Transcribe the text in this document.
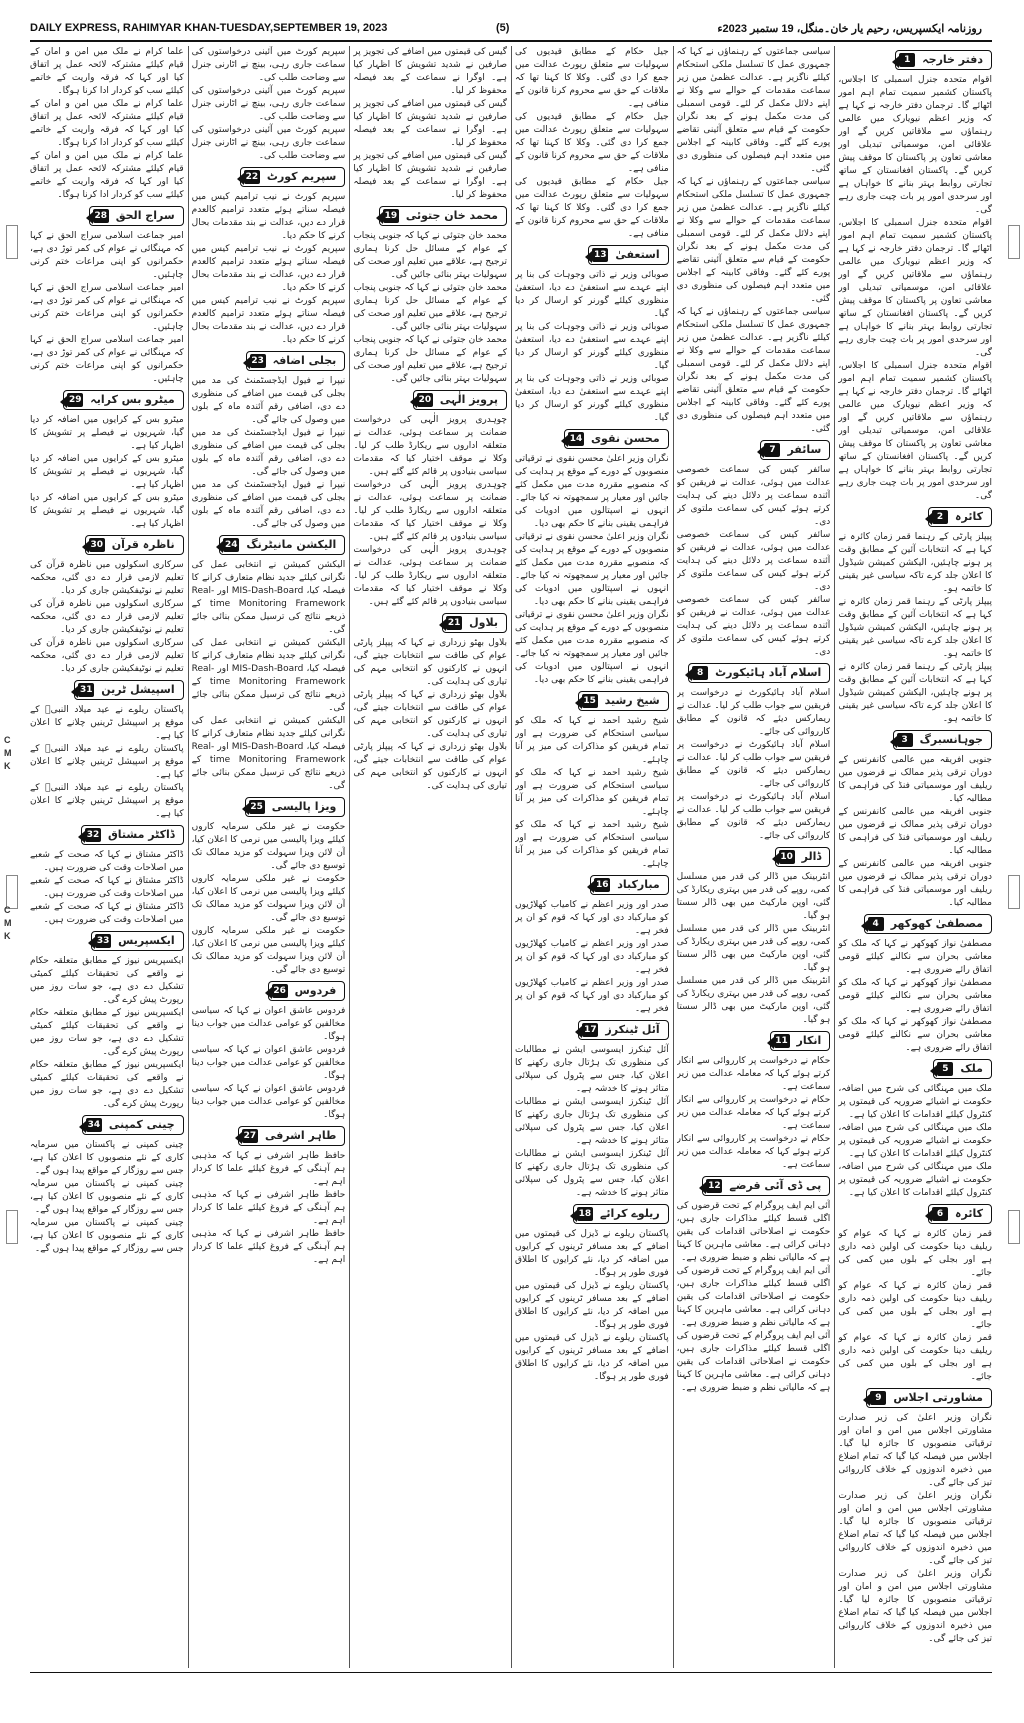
DAILY EXPRESS, RAHIMYAR KHAN-TUESDAY,SEPTEMBER 19, 2023	(5)	روزنامہ ایکسپریس، رحیم یار خان۔منگل، 19 ستمبر 2023ء
دفتر خارجہ
1

اقوام متحدہ جنرل اسمبلی کا اجلاس، پاکستان کشمیر سمیت تمام اہم امور اٹھائے گا۔ ترجمان دفتر خارجہ نے کہا ہے کہ وزیر اعظم نیویارک میں عالمی رہنماؤں سے ملاقاتیں کریں گے اور علاقائی امن، موسمیاتی تبدیلی اور معاشی تعاون پر پاکستان کا موقف پیش کریں گے۔ پاکستان افغانستان کے ساتھ تجارتی روابط بہتر بنانے کا خواہاں ہے اور سرحدی امور پر بات چیت جاری رہے گی۔

اقوام متحدہ جنرل اسمبلی کا اجلاس، پاکستان کشمیر سمیت تمام اہم امور اٹھائے گا۔ ترجمان دفتر خارجہ نے کہا ہے کہ وزیر اعظم نیویارک میں عالمی رہنماؤں سے ملاقاتیں کریں گے اور علاقائی امن، موسمیاتی تبدیلی اور معاشی تعاون پر پاکستان کا موقف پیش کریں گے۔ پاکستان افغانستان کے ساتھ تجارتی روابط بہتر بنانے کا خواہاں ہے اور سرحدی امور پر بات چیت جاری رہے گی۔

اقوام متحدہ جنرل اسمبلی کا اجلاس، پاکستان کشمیر سمیت تمام اہم امور اٹھائے گا۔ ترجمان دفتر خارجہ نے کہا ہے کہ وزیر اعظم نیویارک میں عالمی رہنماؤں سے ملاقاتیں کریں گے اور علاقائی امن، موسمیاتی تبدیلی اور معاشی تعاون پر پاکستان کا موقف پیش کریں گے۔ پاکستان افغانستان کے ساتھ تجارتی روابط بہتر بنانے کا خواہاں ہے اور سرحدی امور پر بات چیت جاری رہے گی۔

کائرہ
2

پیپلز پارٹی کے رہنما قمر زمان کائرہ نے کہا ہے کہ انتخابات آئین کے مطابق وقت پر ہونے چاہئیں، الیکشن کمیشن شیڈول کا اعلان جلد کرے تاکہ سیاسی غیر یقینی کا خاتمہ ہو۔

پیپلز پارٹی کے رہنما قمر زمان کائرہ نے کہا ہے کہ انتخابات آئین کے مطابق وقت پر ہونے چاہئیں، الیکشن کمیشن شیڈول کا اعلان جلد کرے تاکہ سیاسی غیر یقینی کا خاتمہ ہو۔

پیپلز پارٹی کے رہنما قمر زمان کائرہ نے کہا ہے کہ انتخابات آئین کے مطابق وقت پر ہونے چاہئیں، الیکشن کمیشن شیڈول کا اعلان جلد کرے تاکہ سیاسی غیر یقینی کا خاتمہ ہو۔

جوہانسبرگ
3

جنوبی افریقہ میں عالمی کانفرنس کے دوران ترقی پذیر ممالک نے قرضوں میں ریلیف اور موسمیاتی فنڈ کی فراہمی کا مطالبہ کیا۔

جنوبی افریقہ میں عالمی کانفرنس کے دوران ترقی پذیر ممالک نے قرضوں میں ریلیف اور موسمیاتی فنڈ کی فراہمی کا مطالبہ کیا۔

جنوبی افریقہ میں عالمی کانفرنس کے دوران ترقی پذیر ممالک نے قرضوں میں ریلیف اور موسمیاتی فنڈ کی فراہمی کا مطالبہ کیا۔

مصطفیٰ کھوکھر
4

مصطفیٰ نواز کھوکھر نے کہا کہ ملک کو معاشی بحران سے نکالنے کیلئے قومی اتفاق رائے ضروری ہے۔

مصطفیٰ نواز کھوکھر نے کہا کہ ملک کو معاشی بحران سے نکالنے کیلئے قومی اتفاق رائے ضروری ہے۔

مصطفیٰ نواز کھوکھر نے کہا کہ ملک کو معاشی بحران سے نکالنے کیلئے قومی اتفاق رائے ضروری ہے۔

ملک
5

ملک میں مہنگائی کی شرح میں اضافہ، حکومت نے اشیائے ضروریہ کی قیمتوں پر کنٹرول کیلئے اقدامات کا اعلان کیا ہے۔

ملک میں مہنگائی کی شرح میں اضافہ، حکومت نے اشیائے ضروریہ کی قیمتوں پر کنٹرول کیلئے اقدامات کا اعلان کیا ہے۔

ملک میں مہنگائی کی شرح میں اضافہ، حکومت نے اشیائے ضروریہ کی قیمتوں پر کنٹرول کیلئے اقدامات کا اعلان کیا ہے۔

کائرہ
6

قمر زمان کائرہ نے کہا کہ عوام کو ریلیف دینا حکومت کی اولین ذمہ داری ہے اور بجلی کے بلوں میں کمی کی جائے۔

قمر زمان کائرہ نے کہا کہ عوام کو ریلیف دینا حکومت کی اولین ذمہ داری ہے اور بجلی کے بلوں میں کمی کی جائے۔

قمر زمان کائرہ نے کہا کہ عوام کو ریلیف دینا حکومت کی اولین ذمہ داری ہے اور بجلی کے بلوں میں کمی کی جائے۔

مشاورتی اجلاس
9

نگران وزیر اعلیٰ کی زیر صدارت مشاورتی اجلاس میں امن و امان اور ترقیاتی منصوبوں کا جائزہ لیا گیا۔ اجلاس میں فیصلہ کیا گیا کہ تمام اضلاع میں ذخیرہ اندوزوں کے خلاف کارروائی تیز کی جائے گی۔

نگران وزیر اعلیٰ کی زیر صدارت مشاورتی اجلاس میں امن و امان اور ترقیاتی منصوبوں کا جائزہ لیا گیا۔ اجلاس میں فیصلہ کیا گیا کہ تمام اضلاع میں ذخیرہ اندوزوں کے خلاف کارروائی تیز کی جائے گی۔

نگران وزیر اعلیٰ کی زیر صدارت مشاورتی اجلاس میں امن و امان اور ترقیاتی منصوبوں کا جائزہ لیا گیا۔ اجلاس میں فیصلہ کیا گیا کہ تمام اضلاع میں ذخیرہ اندوزوں کے خلاف کارروائی تیز کی جائے گی۔

سیاسی جماعتوں کے رہنماؤں نے کہا کہ جمہوری عمل کا تسلسل ملکی استحکام کیلئے ناگزیر ہے۔ عدالت عظمیٰ میں زیر سماعت مقدمات کے حوالے سے وکلا نے اپنے دلائل مکمل کر لئے۔ قومی اسمبلی کی مدت مکمل ہونے کے بعد نگران حکومت کے قیام سے متعلق آئینی تقاضے پورے کئے گئے۔ وفاقی کابینہ کے اجلاس میں متعدد اہم فیصلوں کی منظوری دی گئی۔

سیاسی جماعتوں کے رہنماؤں نے کہا کہ جمہوری عمل کا تسلسل ملکی استحکام کیلئے ناگزیر ہے۔ عدالت عظمیٰ میں زیر سماعت مقدمات کے حوالے سے وکلا نے اپنے دلائل مکمل کر لئے۔ قومی اسمبلی کی مدت مکمل ہونے کے بعد نگران حکومت کے قیام سے متعلق آئینی تقاضے پورے کئے گئے۔ وفاقی کابینہ کے اجلاس میں متعدد اہم فیصلوں کی منظوری دی گئی۔

سیاسی جماعتوں کے رہنماؤں نے کہا کہ جمہوری عمل کا تسلسل ملکی استحکام کیلئے ناگزیر ہے۔ عدالت عظمیٰ میں زیر سماعت مقدمات کے حوالے سے وکلا نے اپنے دلائل مکمل کر لئے۔ قومی اسمبلی کی مدت مکمل ہونے کے بعد نگران حکومت کے قیام سے متعلق آئینی تقاضے پورے کئے گئے۔ وفاقی کابینہ کے اجلاس میں متعدد اہم فیصلوں کی منظوری دی گئی۔

سائفر
7

سائفر کیس کی سماعت خصوصی عدالت میں ہوئی، عدالت نے فریقین کو آئندہ سماعت پر دلائل دینے کی ہدایت کرتے ہوئے کیس کی سماعت ملتوی کر دی۔

سائفر کیس کی سماعت خصوصی عدالت میں ہوئی، عدالت نے فریقین کو آئندہ سماعت پر دلائل دینے کی ہدایت کرتے ہوئے کیس کی سماعت ملتوی کر دی۔

سائفر کیس کی سماعت خصوصی عدالت میں ہوئی، عدالت نے فریقین کو آئندہ سماعت پر دلائل دینے کی ہدایت کرتے ہوئے کیس کی سماعت ملتوی کر دی۔

اسلام آباد ہائیکورٹ
8

اسلام آباد ہائیکورٹ نے درخواست پر فریقین سے جواب طلب کر لیا۔ عدالت نے ریمارکس دیئے کہ قانون کے مطابق کارروائی کی جائے۔

اسلام آباد ہائیکورٹ نے درخواست پر فریقین سے جواب طلب کر لیا۔ عدالت نے ریمارکس دیئے کہ قانون کے مطابق کارروائی کی جائے۔

اسلام آباد ہائیکورٹ نے درخواست پر فریقین سے جواب طلب کر لیا۔ عدالت نے ریمارکس دیئے کہ قانون کے مطابق کارروائی کی جائے۔

ڈالر
10

انٹربینک میں ڈالر کی قدر میں مسلسل کمی، روپے کی قدر میں بہتری ریکارڈ کی گئی، اوپن مارکیٹ میں بھی ڈالر سستا ہو گیا۔

انٹربینک میں ڈالر کی قدر میں مسلسل کمی، روپے کی قدر میں بہتری ریکارڈ کی گئی، اوپن مارکیٹ میں بھی ڈالر سستا ہو گیا۔

انٹربینک میں ڈالر کی قدر میں مسلسل کمی، روپے کی قدر میں بہتری ریکارڈ کی گئی، اوپن مارکیٹ میں بھی ڈالر سستا ہو گیا۔

انکار
11

حکام نے درخواست پر کارروائی سے انکار کرتے ہوئے کہا کہ معاملہ عدالت میں زیر سماعت ہے۔

حکام نے درخواست پر کارروائی سے انکار کرتے ہوئے کہا کہ معاملہ عدالت میں زیر سماعت ہے۔

حکام نے درخواست پر کارروائی سے انکار کرتے ہوئے کہا کہ معاملہ عدالت میں زیر سماعت ہے۔

پی ڈی آئی قرضے
12

آئی ایم ایف پروگرام کے تحت قرضوں کی اگلی قسط کیلئے مذاکرات جاری ہیں، حکومت نے اصلاحاتی اقدامات کی یقین دہانی کرائی ہے۔ معاشی ماہرین کا کہنا ہے کہ مالیاتی نظم و ضبط ضروری ہے۔

آئی ایم ایف پروگرام کے تحت قرضوں کی اگلی قسط کیلئے مذاکرات جاری ہیں، حکومت نے اصلاحاتی اقدامات کی یقین دہانی کرائی ہے۔ معاشی ماہرین کا کہنا ہے کہ مالیاتی نظم و ضبط ضروری ہے۔

آئی ایم ایف پروگرام کے تحت قرضوں کی اگلی قسط کیلئے مذاکرات جاری ہیں، حکومت نے اصلاحاتی اقدامات کی یقین دہانی کرائی ہے۔ معاشی ماہرین کا کہنا ہے کہ مالیاتی نظم و ضبط ضروری ہے۔

جیل حکام کے مطابق قیدیوں کی سہولیات سے متعلق رپورٹ عدالت میں جمع کرا دی گئی۔ وکلا کا کہنا تھا کہ ملاقات کے حق سے محروم کرنا قانون کے منافی ہے۔

جیل حکام کے مطابق قیدیوں کی سہولیات سے متعلق رپورٹ عدالت میں جمع کرا دی گئی۔ وکلا کا کہنا تھا کہ ملاقات کے حق سے محروم کرنا قانون کے منافی ہے۔

جیل حکام کے مطابق قیدیوں کی سہولیات سے متعلق رپورٹ عدالت میں جمع کرا دی گئی۔ وکلا کا کہنا تھا کہ ملاقات کے حق سے محروم کرنا قانون کے منافی ہے۔

استعفیٰ
13

صوبائی وزیر نے ذاتی وجوہات کی بنا پر اپنے عہدے سے استعفیٰ دے دیا، استعفیٰ منظوری کیلئے گورنر کو ارسال کر دیا گیا۔

صوبائی وزیر نے ذاتی وجوہات کی بنا پر اپنے عہدے سے استعفیٰ دے دیا، استعفیٰ منظوری کیلئے گورنر کو ارسال کر دیا گیا۔

صوبائی وزیر نے ذاتی وجوہات کی بنا پر اپنے عہدے سے استعفیٰ دے دیا، استعفیٰ منظوری کیلئے گورنر کو ارسال کر دیا گیا۔

محسن نقوی
14

نگران وزیر اعلیٰ محسن نقوی نے ترقیاتی منصوبوں کے دورے کے موقع پر ہدایت کی کہ منصوبے مقررہ مدت میں مکمل کئے جائیں اور معیار پر سمجھوتہ نہ کیا جائے۔ انہوں نے اسپتالوں میں ادویات کی فراہمی یقینی بنانے کا حکم بھی دیا۔

نگران وزیر اعلیٰ محسن نقوی نے ترقیاتی منصوبوں کے دورے کے موقع پر ہدایت کی کہ منصوبے مقررہ مدت میں مکمل کئے جائیں اور معیار پر سمجھوتہ نہ کیا جائے۔ انہوں نے اسپتالوں میں ادویات کی فراہمی یقینی بنانے کا حکم بھی دیا۔

نگران وزیر اعلیٰ محسن نقوی نے ترقیاتی منصوبوں کے دورے کے موقع پر ہدایت کی کہ منصوبے مقررہ مدت میں مکمل کئے جائیں اور معیار پر سمجھوتہ نہ کیا جائے۔ انہوں نے اسپتالوں میں ادویات کی فراہمی یقینی بنانے کا حکم بھی دیا۔

شیخ رشید
15

شیخ رشید احمد نے کہا کہ ملک کو سیاسی استحکام کی ضرورت ہے اور تمام فریقین کو مذاکرات کی میز پر آنا چاہئے۔

شیخ رشید احمد نے کہا کہ ملک کو سیاسی استحکام کی ضرورت ہے اور تمام فریقین کو مذاکرات کی میز پر آنا چاہئے۔

شیخ رشید احمد نے کہا کہ ملک کو سیاسی استحکام کی ضرورت ہے اور تمام فریقین کو مذاکرات کی میز پر آنا چاہئے۔

مبارکباد
16

صدر اور وزیر اعظم نے کامیاب کھلاڑیوں کو مبارکباد دی اور کہا کہ قوم کو ان پر فخر ہے۔

صدر اور وزیر اعظم نے کامیاب کھلاڑیوں کو مبارکباد دی اور کہا کہ قوم کو ان پر فخر ہے۔

صدر اور وزیر اعظم نے کامیاب کھلاڑیوں کو مبارکباد دی اور کہا کہ قوم کو ان پر فخر ہے۔

آئل ٹینکرز
17

آئل ٹینکرز ایسوسی ایشن نے مطالبات کی منظوری تک ہڑتال جاری رکھنے کا اعلان کیا، جس سے پٹرول کی سپلائی متاثر ہونے کا خدشہ ہے۔

آئل ٹینکرز ایسوسی ایشن نے مطالبات کی منظوری تک ہڑتال جاری رکھنے کا اعلان کیا، جس سے پٹرول کی سپلائی متاثر ہونے کا خدشہ ہے۔

آئل ٹینکرز ایسوسی ایشن نے مطالبات کی منظوری تک ہڑتال جاری رکھنے کا اعلان کیا، جس سے پٹرول کی سپلائی متاثر ہونے کا خدشہ ہے۔

ریلوے کرائے
18

پاکستان ریلوے نے ڈیزل کی قیمتوں میں اضافے کے بعد مسافر ٹرینوں کے کرایوں میں اضافہ کر دیا، نئے کرایوں کا اطلاق فوری طور پر ہوگا۔

پاکستان ریلوے نے ڈیزل کی قیمتوں میں اضافے کے بعد مسافر ٹرینوں کے کرایوں میں اضافہ کر دیا، نئے کرایوں کا اطلاق فوری طور پر ہوگا۔

پاکستان ریلوے نے ڈیزل کی قیمتوں میں اضافے کے بعد مسافر ٹرینوں کے کرایوں میں اضافہ کر دیا، نئے کرایوں کا اطلاق فوری طور پر ہوگا۔

گیس کی قیمتوں میں اضافے کی تجویز پر صارفین نے شدید تشویش کا اظہار کیا ہے۔ اوگرا نے سماعت کے بعد فیصلہ محفوظ کر لیا۔

گیس کی قیمتوں میں اضافے کی تجویز پر صارفین نے شدید تشویش کا اظہار کیا ہے۔ اوگرا نے سماعت کے بعد فیصلہ محفوظ کر لیا۔

گیس کی قیمتوں میں اضافے کی تجویز پر صارفین نے شدید تشویش کا اظہار کیا ہے۔ اوگرا نے سماعت کے بعد فیصلہ محفوظ کر لیا۔

محمد خان جتوئی
19

محمد خان جتوئی نے کہا کہ جنوبی پنجاب کے عوام کے مسائل حل کرنا ہماری ترجیح ہے، علاقے میں تعلیم اور صحت کی سہولیات بہتر بنائی جائیں گی۔

محمد خان جتوئی نے کہا کہ جنوبی پنجاب کے عوام کے مسائل حل کرنا ہماری ترجیح ہے، علاقے میں تعلیم اور صحت کی سہولیات بہتر بنائی جائیں گی۔

محمد خان جتوئی نے کہا کہ جنوبی پنجاب کے عوام کے مسائل حل کرنا ہماری ترجیح ہے، علاقے میں تعلیم اور صحت کی سہولیات بہتر بنائی جائیں گی۔

پرویز الٰہی
20

چوہدری پرویز الٰہی کی درخواست ضمانت پر سماعت ہوئی، عدالت نے متعلقہ اداروں سے ریکارڈ طلب کر لیا۔ وکلا نے موقف اختیار کیا کہ مقدمات سیاسی بنیادوں پر قائم کئے گئے ہیں۔

چوہدری پرویز الٰہی کی درخواست ضمانت پر سماعت ہوئی، عدالت نے متعلقہ اداروں سے ریکارڈ طلب کر لیا۔ وکلا نے موقف اختیار کیا کہ مقدمات سیاسی بنیادوں پر قائم کئے گئے ہیں۔

چوہدری پرویز الٰہی کی درخواست ضمانت پر سماعت ہوئی، عدالت نے متعلقہ اداروں سے ریکارڈ طلب کر لیا۔ وکلا نے موقف اختیار کیا کہ مقدمات سیاسی بنیادوں پر قائم کئے گئے ہیں۔

بلاول
21

بلاول بھٹو زرداری نے کہا کہ پیپلز پارٹی عوام کی طاقت سے انتخابات جیتے گی، انہوں نے کارکنوں کو انتخابی مہم کی تیاری کی ہدایت کی۔

بلاول بھٹو زرداری نے کہا کہ پیپلز پارٹی عوام کی طاقت سے انتخابات جیتے گی، انہوں نے کارکنوں کو انتخابی مہم کی تیاری کی ہدایت کی۔

بلاول بھٹو زرداری نے کہا کہ پیپلز پارٹی عوام کی طاقت سے انتخابات جیتے گی، انہوں نے کارکنوں کو انتخابی مہم کی تیاری کی ہدایت کی۔

سپریم کورٹ میں آئینی درخواستوں کی سماعت جاری رہی، بینچ نے اٹارنی جنرل سے وضاحت طلب کی۔

سپریم کورٹ میں آئینی درخواستوں کی سماعت جاری رہی، بینچ نے اٹارنی جنرل سے وضاحت طلب کی۔

سپریم کورٹ میں آئینی درخواستوں کی سماعت جاری رہی، بینچ نے اٹارنی جنرل سے وضاحت طلب کی۔

سپریم کورٹ
22

سپریم کورٹ نے نیب ترامیم کیس میں فیصلہ سناتے ہوئے متعدد ترامیم کالعدم قرار دے دیں، عدالت نے بند مقدمات بحال کرنے کا حکم دیا۔

سپریم کورٹ نے نیب ترامیم کیس میں فیصلہ سناتے ہوئے متعدد ترامیم کالعدم قرار دے دیں، عدالت نے بند مقدمات بحال کرنے کا حکم دیا۔

سپریم کورٹ نے نیب ترامیم کیس میں فیصلہ سناتے ہوئے متعدد ترامیم کالعدم قرار دے دیں، عدالت نے بند مقدمات بحال کرنے کا حکم دیا۔

بجلی اضافہ
23

نیپرا نے فیول ایڈجسٹمنٹ کی مد میں بجلی کی قیمت میں اضافے کی منظوری دے دی، اضافی رقم آئندہ ماہ کے بلوں میں وصول کی جائے گی۔

نیپرا نے فیول ایڈجسٹمنٹ کی مد میں بجلی کی قیمت میں اضافے کی منظوری دے دی، اضافی رقم آئندہ ماہ کے بلوں میں وصول کی جائے گی۔

نیپرا نے فیول ایڈجسٹمنٹ کی مد میں بجلی کی قیمت میں اضافے کی منظوری دے دی، اضافی رقم آئندہ ماہ کے بلوں میں وصول کی جائے گی۔

الیکشن مانیٹرنگ
24

الیکشن کمیشن نے انتخابی عمل کی نگرانی کیلئے جدید نظام متعارف کرانے کا فیصلہ کیا، MIS-Dash-Board اور Real-time Monitoring Framework کے ذریعے نتائج کی ترسیل ممکن بنائی جائے گی۔

الیکشن کمیشن نے انتخابی عمل کی نگرانی کیلئے جدید نظام متعارف کرانے کا فیصلہ کیا، MIS-Dash-Board اور Real-time Monitoring Framework کے ذریعے نتائج کی ترسیل ممکن بنائی جائے گی۔

الیکشن کمیشن نے انتخابی عمل کی نگرانی کیلئے جدید نظام متعارف کرانے کا فیصلہ کیا، MIS-Dash-Board اور Real-time Monitoring Framework کے ذریعے نتائج کی ترسیل ممکن بنائی جائے گی۔

ویزا پالیسی
25

حکومت نے غیر ملکی سرمایہ کاروں کیلئے ویزا پالیسی میں نرمی کا اعلان کیا، آن لائن ویزا سہولت کو مزید ممالک تک توسیع دی جائے گی۔

حکومت نے غیر ملکی سرمایہ کاروں کیلئے ویزا پالیسی میں نرمی کا اعلان کیا، آن لائن ویزا سہولت کو مزید ممالک تک توسیع دی جائے گی۔

حکومت نے غیر ملکی سرمایہ کاروں کیلئے ویزا پالیسی میں نرمی کا اعلان کیا، آن لائن ویزا سہولت کو مزید ممالک تک توسیع دی جائے گی۔

فردوس
26

فردوس عاشق اعوان نے کہا کہ سیاسی مخالفین کو عوامی عدالت میں جواب دینا ہوگا۔

فردوس عاشق اعوان نے کہا کہ سیاسی مخالفین کو عوامی عدالت میں جواب دینا ہوگا۔

فردوس عاشق اعوان نے کہا کہ سیاسی مخالفین کو عوامی عدالت میں جواب دینا ہوگا۔

طاہر اشرفی
27

حافظ طاہر اشرفی نے کہا کہ مذہبی ہم آہنگی کے فروغ کیلئے علما کا کردار اہم ہے۔

حافظ طاہر اشرفی نے کہا کہ مذہبی ہم آہنگی کے فروغ کیلئے علما کا کردار اہم ہے۔

حافظ طاہر اشرفی نے کہا کہ مذہبی ہم آہنگی کے فروغ کیلئے علما کا کردار اہم ہے۔

علما کرام نے ملک میں امن و امان کے قیام کیلئے مشترکہ لائحہ عمل پر اتفاق کیا اور کہا کہ فرقہ واریت کے خاتمے کیلئے سب کو کردار ادا کرنا ہوگا۔

علما کرام نے ملک میں امن و امان کے قیام کیلئے مشترکہ لائحہ عمل پر اتفاق کیا اور کہا کہ فرقہ واریت کے خاتمے کیلئے سب کو کردار ادا کرنا ہوگا۔

علما کرام نے ملک میں امن و امان کے قیام کیلئے مشترکہ لائحہ عمل پر اتفاق کیا اور کہا کہ فرقہ واریت کے خاتمے کیلئے سب کو کردار ادا کرنا ہوگا۔

سراج الحق
28

امیر جماعت اسلامی سراج الحق نے کہا کہ مہنگائی نے عوام کی کمر توڑ دی ہے، حکمرانوں کو اپنی مراعات ختم کرنی چاہئیں۔

امیر جماعت اسلامی سراج الحق نے کہا کہ مہنگائی نے عوام کی کمر توڑ دی ہے، حکمرانوں کو اپنی مراعات ختم کرنی چاہئیں۔

امیر جماعت اسلامی سراج الحق نے کہا کہ مہنگائی نے عوام کی کمر توڑ دی ہے، حکمرانوں کو اپنی مراعات ختم کرنی چاہئیں۔

میٹرو بس کرایہ
29

میٹرو بس کے کرایوں میں اضافہ کر دیا گیا، شہریوں نے فیصلے پر تشویش کا اظہار کیا ہے۔

میٹرو بس کے کرایوں میں اضافہ کر دیا گیا، شہریوں نے فیصلے پر تشویش کا اظہار کیا ہے۔

میٹرو بس کے کرایوں میں اضافہ کر دیا گیا، شہریوں نے فیصلے پر تشویش کا اظہار کیا ہے۔

ناظرہ قرآن
30

سرکاری اسکولوں میں ناظرہ قرآن کی تعلیم لازمی قرار دے دی گئی، محکمہ تعلیم نے نوٹیفکیشن جاری کر دیا۔

سرکاری اسکولوں میں ناظرہ قرآن کی تعلیم لازمی قرار دے دی گئی، محکمہ تعلیم نے نوٹیفکیشن جاری کر دیا۔

سرکاری اسکولوں میں ناظرہ قرآن کی تعلیم لازمی قرار دے دی گئی، محکمہ تعلیم نے نوٹیفکیشن جاری کر دیا۔

اسپیشل ٹرین
31

پاکستان ریلوے نے عید میلاد النبیؐ کے موقع پر اسپیشل ٹرینیں چلانے کا اعلان کیا ہے۔

پاکستان ریلوے نے عید میلاد النبیؐ کے موقع پر اسپیشل ٹرینیں چلانے کا اعلان کیا ہے۔

پاکستان ریلوے نے عید میلاد النبیؐ کے موقع پر اسپیشل ٹرینیں چلانے کا اعلان کیا ہے۔

ڈاکٹر مشتاق
32

ڈاکٹر مشتاق نے کہا کہ صحت کے شعبے میں اصلاحات وقت کی ضرورت ہیں۔

ڈاکٹر مشتاق نے کہا کہ صحت کے شعبے میں اصلاحات وقت کی ضرورت ہیں۔

ڈاکٹر مشتاق نے کہا کہ صحت کے شعبے میں اصلاحات وقت کی ضرورت ہیں۔

ایکسپریس
33

ایکسپریس نیوز کے مطابق متعلقہ حکام نے واقعے کی تحقیقات کیلئے کمیٹی تشکیل دے دی ہے، جو سات روز میں رپورٹ پیش کرے گی۔

ایکسپریس نیوز کے مطابق متعلقہ حکام نے واقعے کی تحقیقات کیلئے کمیٹی تشکیل دے دی ہے، جو سات روز میں رپورٹ پیش کرے گی۔

ایکسپریس نیوز کے مطابق متعلقہ حکام نے واقعے کی تحقیقات کیلئے کمیٹی تشکیل دے دی ہے، جو سات روز میں رپورٹ پیش کرے گی۔

چینی کمپنی
34

چینی کمپنی نے پاکستان میں سرمایہ کاری کے نئے منصوبوں کا اعلان کیا ہے، جس سے روزگار کے مواقع پیدا ہوں گے۔

چینی کمپنی نے پاکستان میں سرمایہ کاری کے نئے منصوبوں کا اعلان کیا ہے، جس سے روزگار کے مواقع پیدا ہوں گے۔

چینی کمپنی نے پاکستان میں سرمایہ کاری کے نئے منصوبوں کا اعلان کیا ہے، جس سے روزگار کے مواقع پیدا ہوں گے۔

C
M
K
C
M
K
